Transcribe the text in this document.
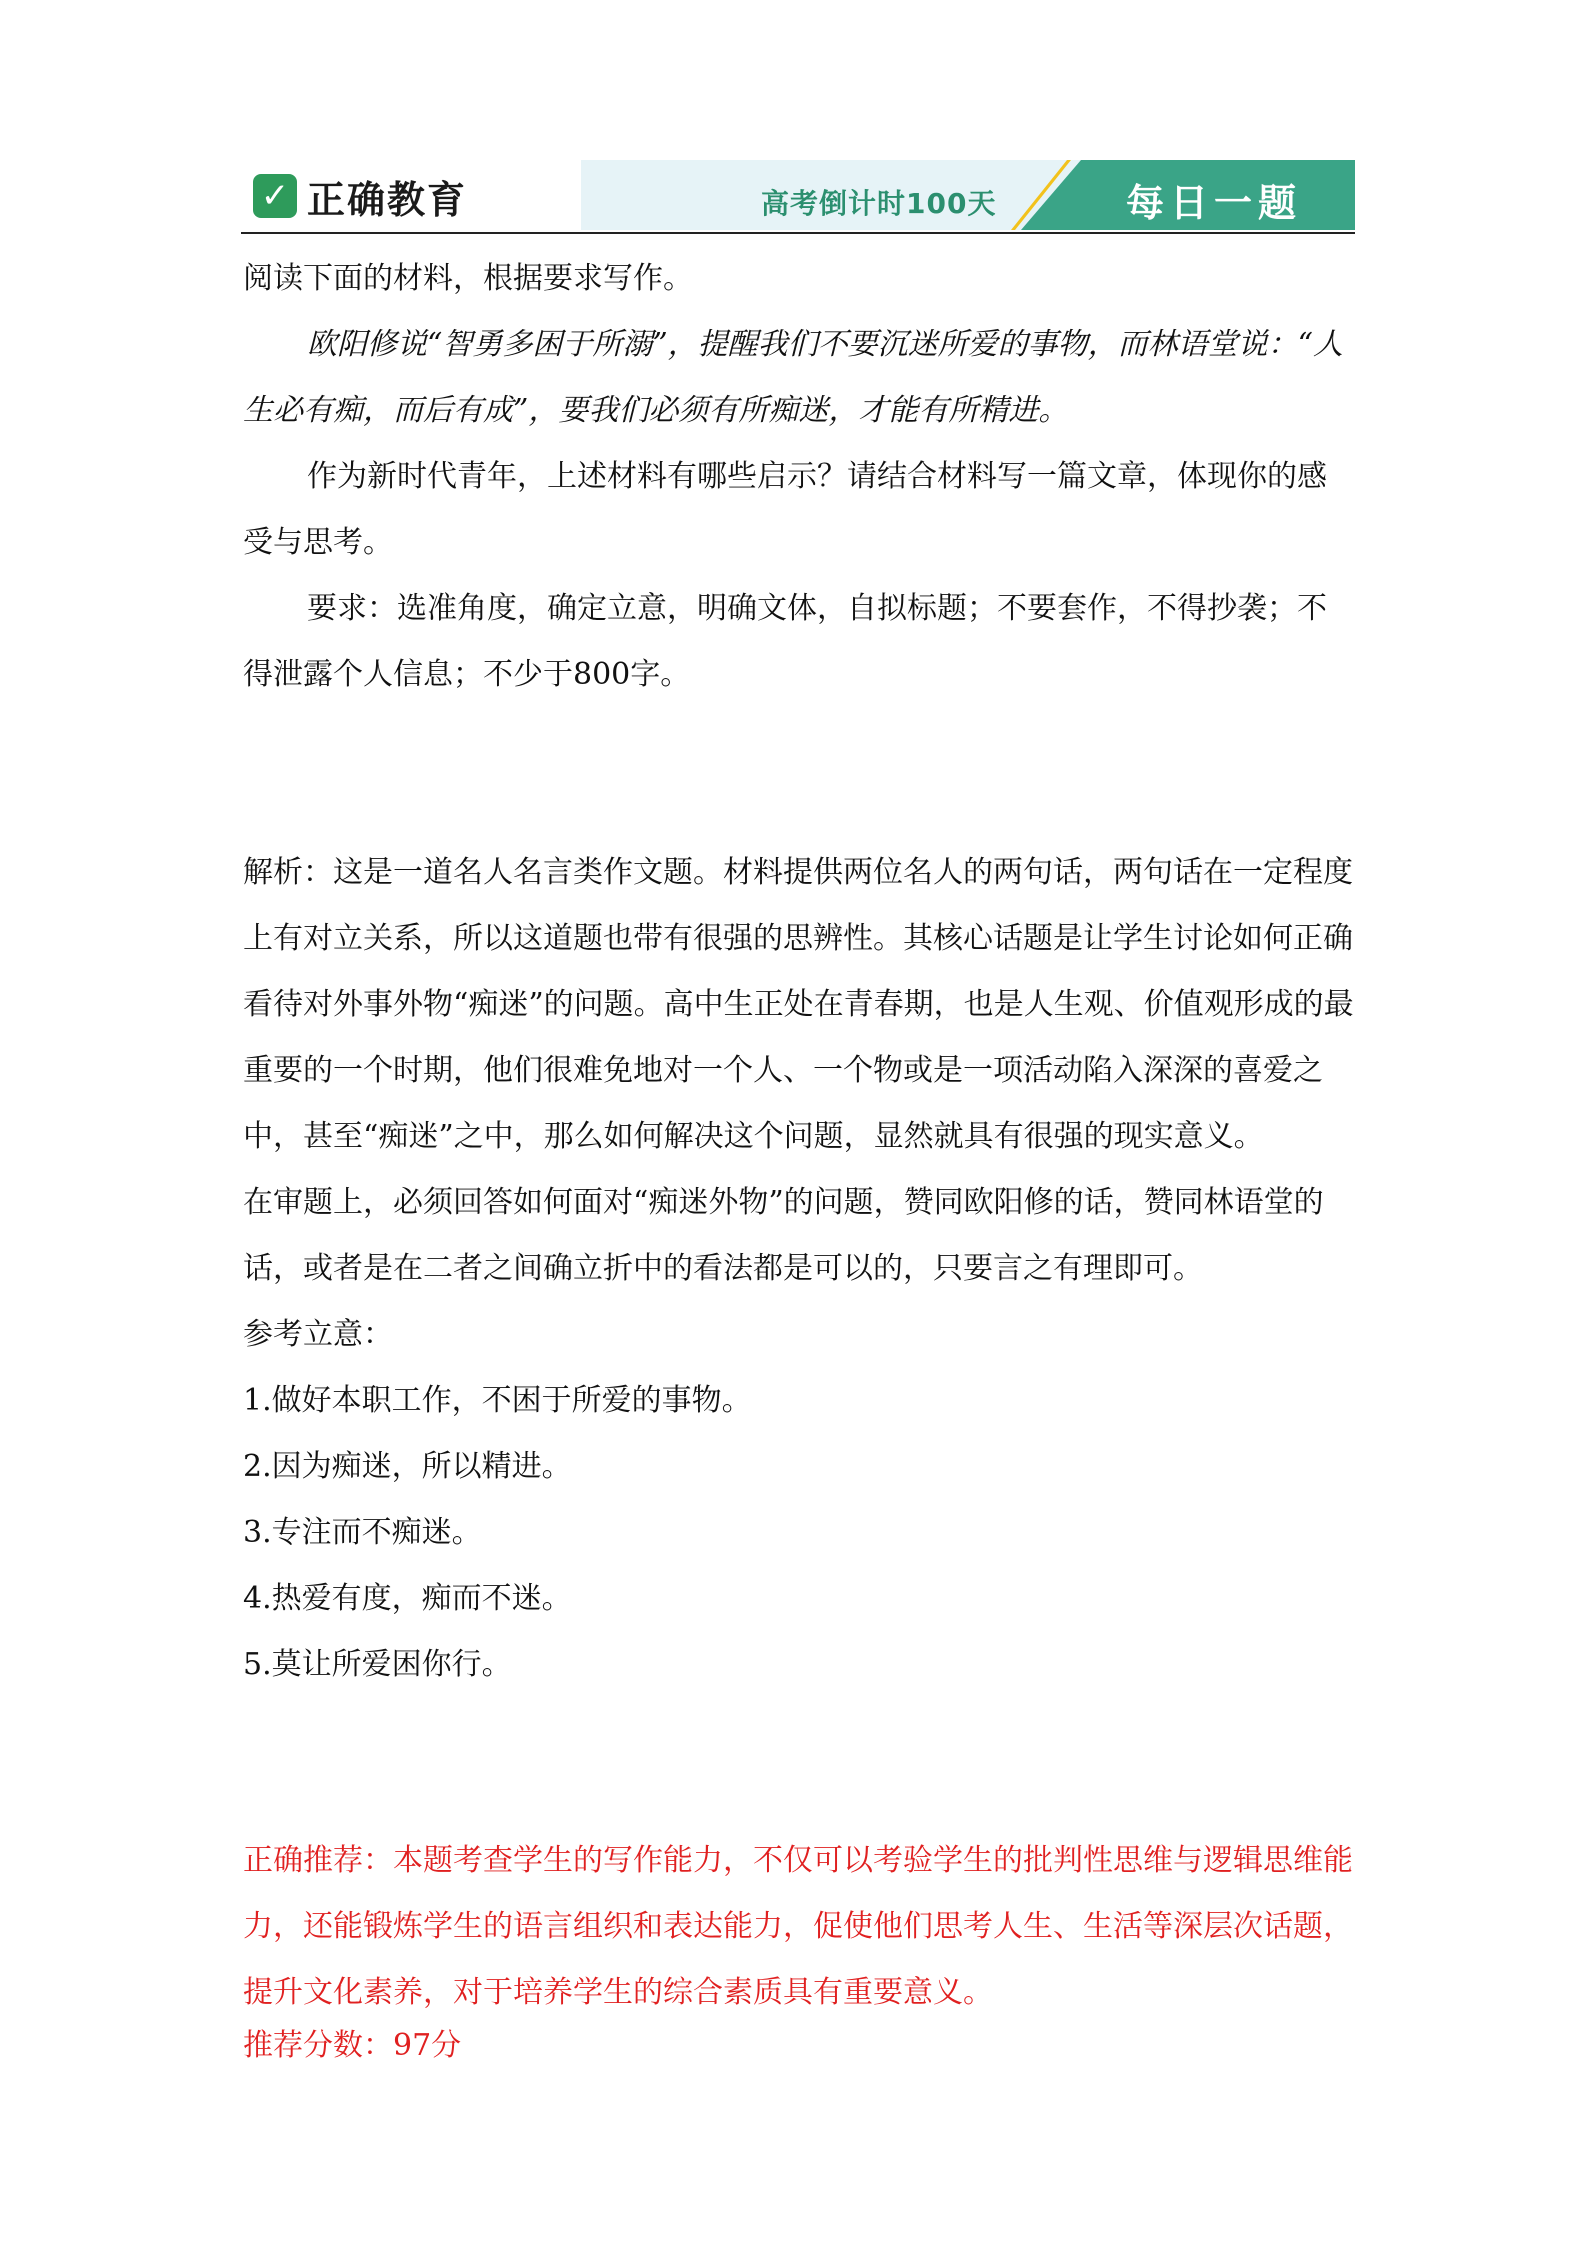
✓ 正确教育	高考倒计时100天	每日一题

阅读下面的材料，根据要求写作。

欧阳修说“智勇多困于所溺”，提醒我们不要沉迷所爱的事物，而林语堂说：“人生必有痴，而后有成”，要我们必须有所痴迷，才能有所精进。

作为新时代青年，上述材料有哪些启示？请结合材料写一篇文章，体现你的感受与思考。

要求：选准角度，确定立意，明确文体，自拟标题；不要套作，不得抄袭；不得泄露个人信息；不少于800字。

解析：这是一道名人名言类作文题。材料提供两位名人的两句话，两句话在一定程度上有对立关系，所以这道题也带有很强的思辨性。其核心话题是让学生讨论如何正确看待对外事外物“痴迷”的问题。高中生正处在青春期，也是人生观、价值观形成的最重要的一个时期，他们很难免地对一个人、一个物或是一项活动陷入深深的喜爱之中，甚至“痴迷”之中，那么如何解决这个问题，显然就具有很强的现实意义。

在审题上，必须回答如何面对“痴迷外物”的问题，赞同欧阳修的话，赞同林语堂的话，或者是在二者之间确立折中的看法都是可以的，只要言之有理即可。

参考立意：

1.做好本职工作，不困于所爱的事物。

2.因为痴迷，所以精进。

3.专注而不痴迷。

4.热爱有度，痴而不迷。

5.莫让所爱困你行。

正确推荐：本题考查学生的写作能力，不仅可以考验学生的批判性思维与逻辑思维能力，还能锻炼学生的语言组织和表达能力，促使他们思考人生、生活等深层次话题，提升文化素养，对于培养学生的综合素质具有重要意义。

推荐分数：97分
